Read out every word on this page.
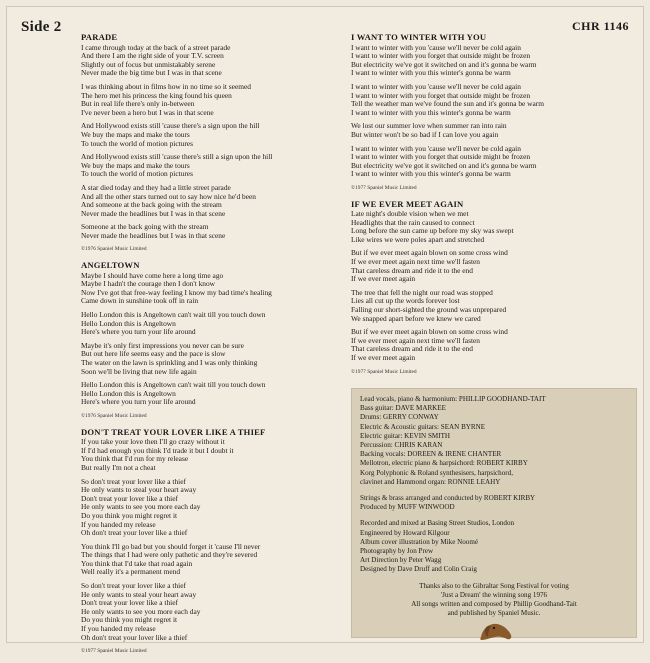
Side 2	CHR 1146
PARADE
I came through today at the back of a street parade
And there I am the right side of your T.V. screen
Slightly out of focus but unmistakably serene
Never made the big time but I was in that scene
I was thinking about in films how in no time so it seemed
The hero met his princess the king found his queen
But in real life there's only in-between
I've never been a hero but I was in that scene
And Hollywood exists still 'cause there's a sign upon the hill
We buy the maps and make the tours
To touch the world of motion pictures
And Hollywood exists still 'cause there's still a sign upon the hill
We buy the maps and make the tours
To touch the world of motion pictures
A star died today and they had a little street parade
And all the other stars turned out to say how nice he'd been
And someone at the back going with the stream
Never made the headlines but I was in that scene
Someone at the back going with the stream
Never made the headlines but I was in that scene
©1976 Spaniel Music Limited
ANGELTOWN
Maybe I should have come here a long time ago
Maybe I hadn't the courage then I don't know
Now I've got that free-way feeling I know my bad time's healing
Came down in sunshine took off in rain
Hello London this is Angeltown can't wait till you touch down
Hello London this is Angeltown
Here's where you turn your life around
Maybe it's only first impressions you never can be sure
But out here life seems easy and the pace is slow
The water on the lawn is sprinkling and I was only thinking
Soon we'll be living that new life again
Hello London this is Angeltown can't wait till you touch down
Hello London this is Angeltown
Here's where you turn your life around
©1976 Spaniel Music Limited
DON'T TREAT YOUR LOVER LIKE A THIEF
If you take your love then I'll go crazy without it
If I'd had enough you think I'd trade it but I doubt it
You think that I'd run for my release
But really I'm not a cheat
So don't treat your lover like a thief
He only wants to steal your heart away
Don't treat your lover like a thief
He only wants to see you more each day
Do you think you might regret it
If you handed my release
Oh don't treat your lover like a thief
You think I'll go bad but you should forget it 'cause I'll never
The things that I had were only pathetic and they're severed
You think that I'd take that road again
Well really it's a permanent mend
So don't treat your lover like a thief
He only wants to steal your heart away
Don't treat your lover like a thief
He only wants to see you more each day
Do you think you might regret it
If you handed my release
Oh don't treat your lover like a thief
©1977 Spaniel Music Limited
I WANT TO WINTER WITH YOU
I want to winter with you 'cause we'll never be cold again
I want to winter with you forget that outside might be frozen
But electricity we've got it switched on and it's gonna be warm
I want to winter with you this winter's gonna be warm
I want to winter with you 'cause we'll never be cold again
I want to winter with you forget that outside might be frozen
Tell the weather man we've found the sun and it's gonna be warm
I want to winter with you this winter's gonna be warm
We lost our summer love when summer ran into rain
But winter won't be so bad if I can love you again
I want to winter with you 'cause we'll never be cold again
I want to winter with you forget that outside might be frozen
But electricity we've got it switched on and it's gonna be warm
I want to winter with you this winter's gonna be warm
©1977 Spaniel Music Limited
IF WE EVER MEET AGAIN
Late night's double vision when we met
Headlights that the rain caused to connect
Long before the sun came up before my sky was swept
Like wires we were poles apart and stretched
But if we ever meet again blown on some cross wind
If we ever meet again next time we'll fasten
That careless dream and ride it to the end
If we ever meet again
The tree that fell the night our road was stopped
Lies all cut up the words forever lost
Falling our short-sighted the ground was unprepared
We snapped apart before we knew we cared
But if we ever meet again blown on some cross wind
If we ever meet again next time we'll fasten
That careless dream and ride it to the end
If we ever meet again
©1977 Spaniel Music Limited
Lead vocals, piano & harmonium: PHILLIP GOODHAND-TAIT
Bass guitar: DAVE MARKEE
Drums: GERRY CONWAY
Electric & Acoustic guitars: SEAN BYRNE
Electric guitar: KEVIN SMITH
Percussion: CHRIS KARAN
Backing vocals: DOREEN & IRENE CHANTER
Mellotron, electric piano & harpsichord: ROBERT KIRBY
Korg Polyphonic & Roland synthesisers, harpsichord,
clavinet and Hammond organ: RONNIE LEAHY
Strings & brass arranged and conducted by ROBERT KIRBY
Produced by MUFF WINWOOD
Recorded and mixed at Basing Street Studios, London
Engineered by Howard Kilgour
Album cover illustration by Mike Noomé
Photography by Jon Prew
Art Direction by Peter Wagg
Designed by Dave Druff and Colin Craig
Thanks also to the Gibraltar Song Festival for voting
'Just a Dream' the winning song 1976
All songs written and composed by Phillip Goodhand-Tait
and published by Spaniel Music.
